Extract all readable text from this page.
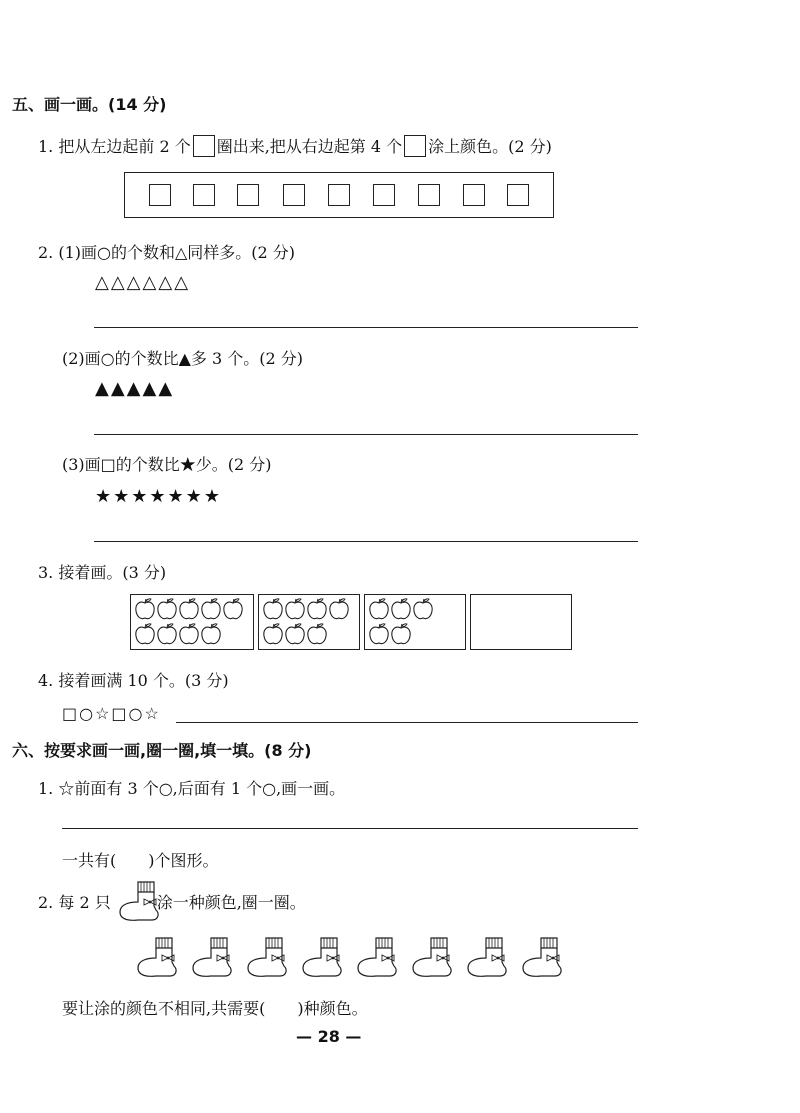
五、画一画。(14 分)
1. 把从左边起前 2 个 圈出来,把从右边起第 4 个 涂上颜色。(2 分)
2. (1)画○的个数和△同样多。(2 分)
△△△△△△
(2)画○的个数比▲多 3 个。(2 分)
▲▲▲▲▲
(3)画□的个数比★少。(2 分)
★★★★★★★
3. 接着画。(3 分)
4. 接着画满 10 个。(3 分)
□○☆□○☆
六、按要求画一画,圈一圈,填一填。(8 分)
1. ☆前面有 3 个○,后面有 1 个○,画一画。
一共有(　　)个图形。
2. 每 2 只	涂一种颜色,圈一圈。
要让涂的颜色不相同,共需要(　　)种颜色。
— 28 —
